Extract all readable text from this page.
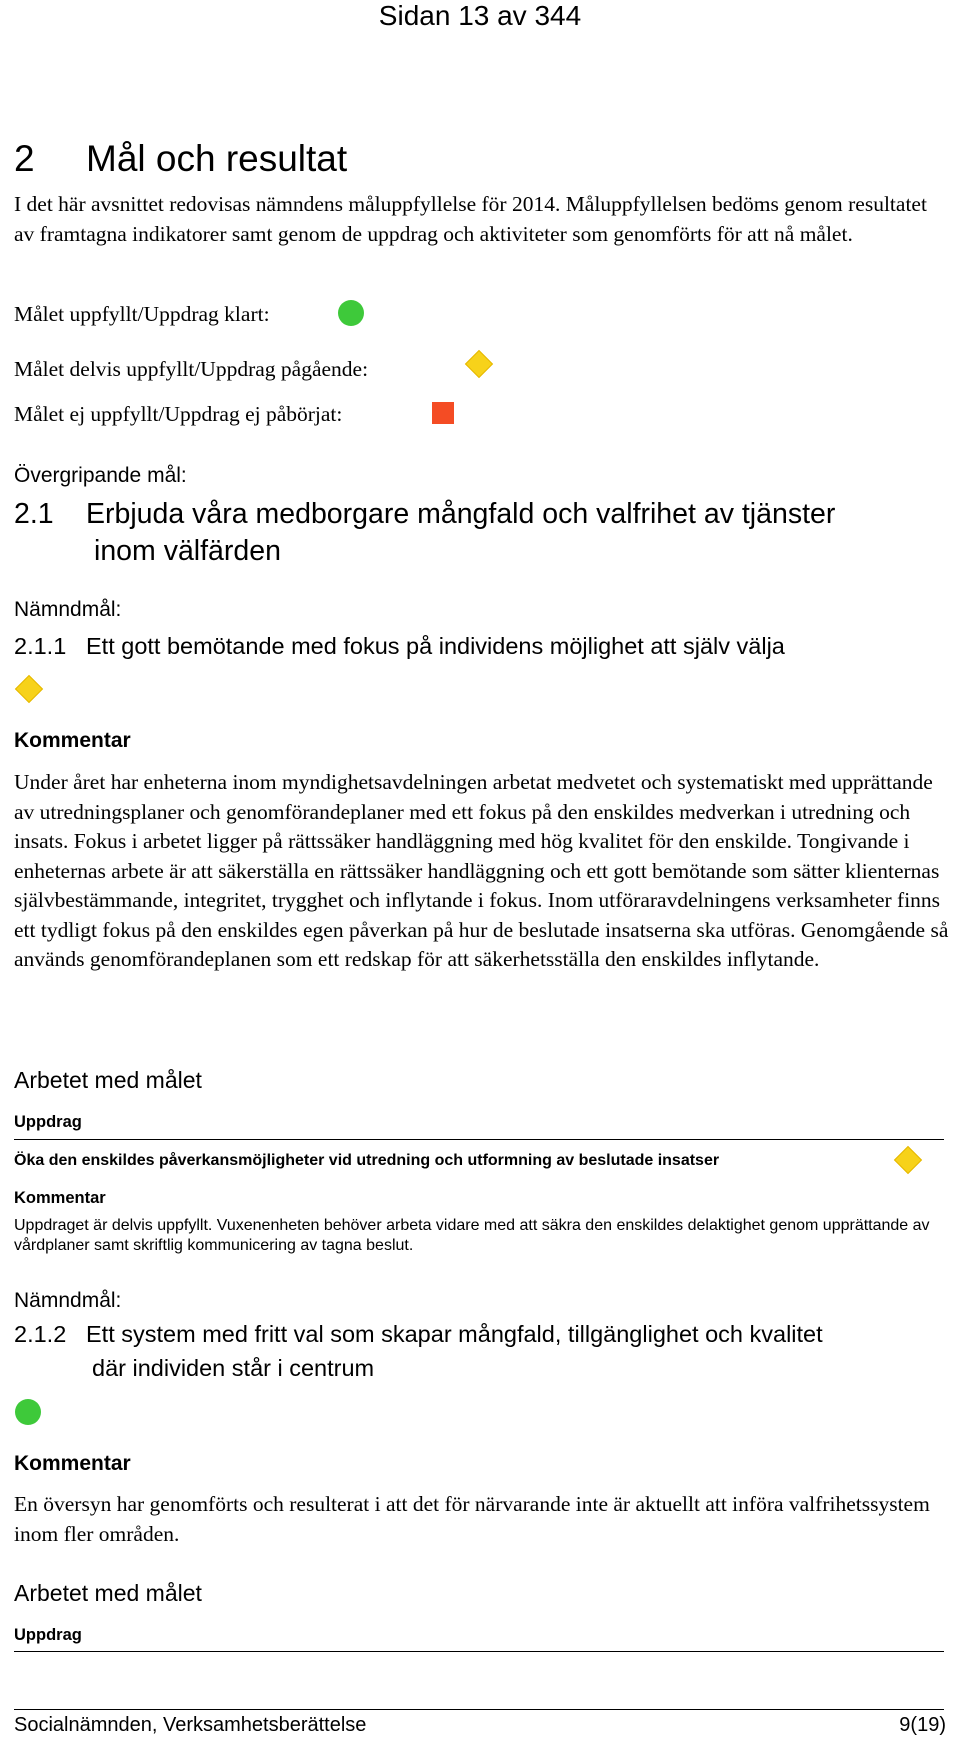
Sidan 13 av 344
2 Mål och resultat
I det här avsnittet redovisas nämndens måluppfyllelse för 2014. Måluppfyllelsen bedöms genom resultatet av framtagna indikatorer samt genom de uppdrag och aktiviteter som genomförts för att nå målet.
Målet uppfyllt/Uppdrag klart:
Målet delvis uppfyllt/Uppdrag pågående:
Målet ej uppfyllt/Uppdrag ej påbörjat:
Övergripande mål:
2.1 Erbjuda våra medborgare mångfald och valfrihet av tjänster
inom välfärden
Nämndmål:
2.1.1 Ett gott bemötande med fokus på individens möjlighet att själv välja
Kommentar
Under året har enheterna inom myndighetsavdelningen arbetat medvetet och systematiskt med upprättande av utredningsplaner och genomförandeplaner med ett fokus på den enskildes medverkan i utredning och insats. Fokus i arbetet ligger på rättssäker handläggning med hög kvalitet för den enskilde. Tongivande i enheternas arbete är att säkerställa en rättssäker handläggning och ett gott bemötande som sätter klienternas självbestämmande, integritet, trygghet och inflytande i fokus. Inom utföraravdelningens verksamheter finns ett tydligt fokus på den enskildes egen påverkan på hur de beslutade insatserna ska utföras. Genomgående så används genomförandeplanen som ett redskap för att säkerhetsställa den enskildes inflytande.
Arbetet med målet
Uppdrag
Öka den enskildes påverkansmöjligheter vid utredning och utformning av beslutade insatser
Kommentar
Uppdraget är delvis uppfyllt. Vuxenenheten behöver arbeta vidare med att säkra den enskildes delaktighet genom upprättande av vårdplaner samt skriftlig kommunicering av tagna beslut.
Nämndmål:
2.1.2 Ett system med fritt val som skapar mångfald, tillgänglighet och kvalitet
där individen står i centrum
Kommentar
En översyn har genomförts och resulterat i att det för närvarande inte är aktuellt att införa valfrihetssystem inom fler områden.
Arbetet med målet
Uppdrag
Socialnämnden, Verksamhetsberättelse	9(19)
